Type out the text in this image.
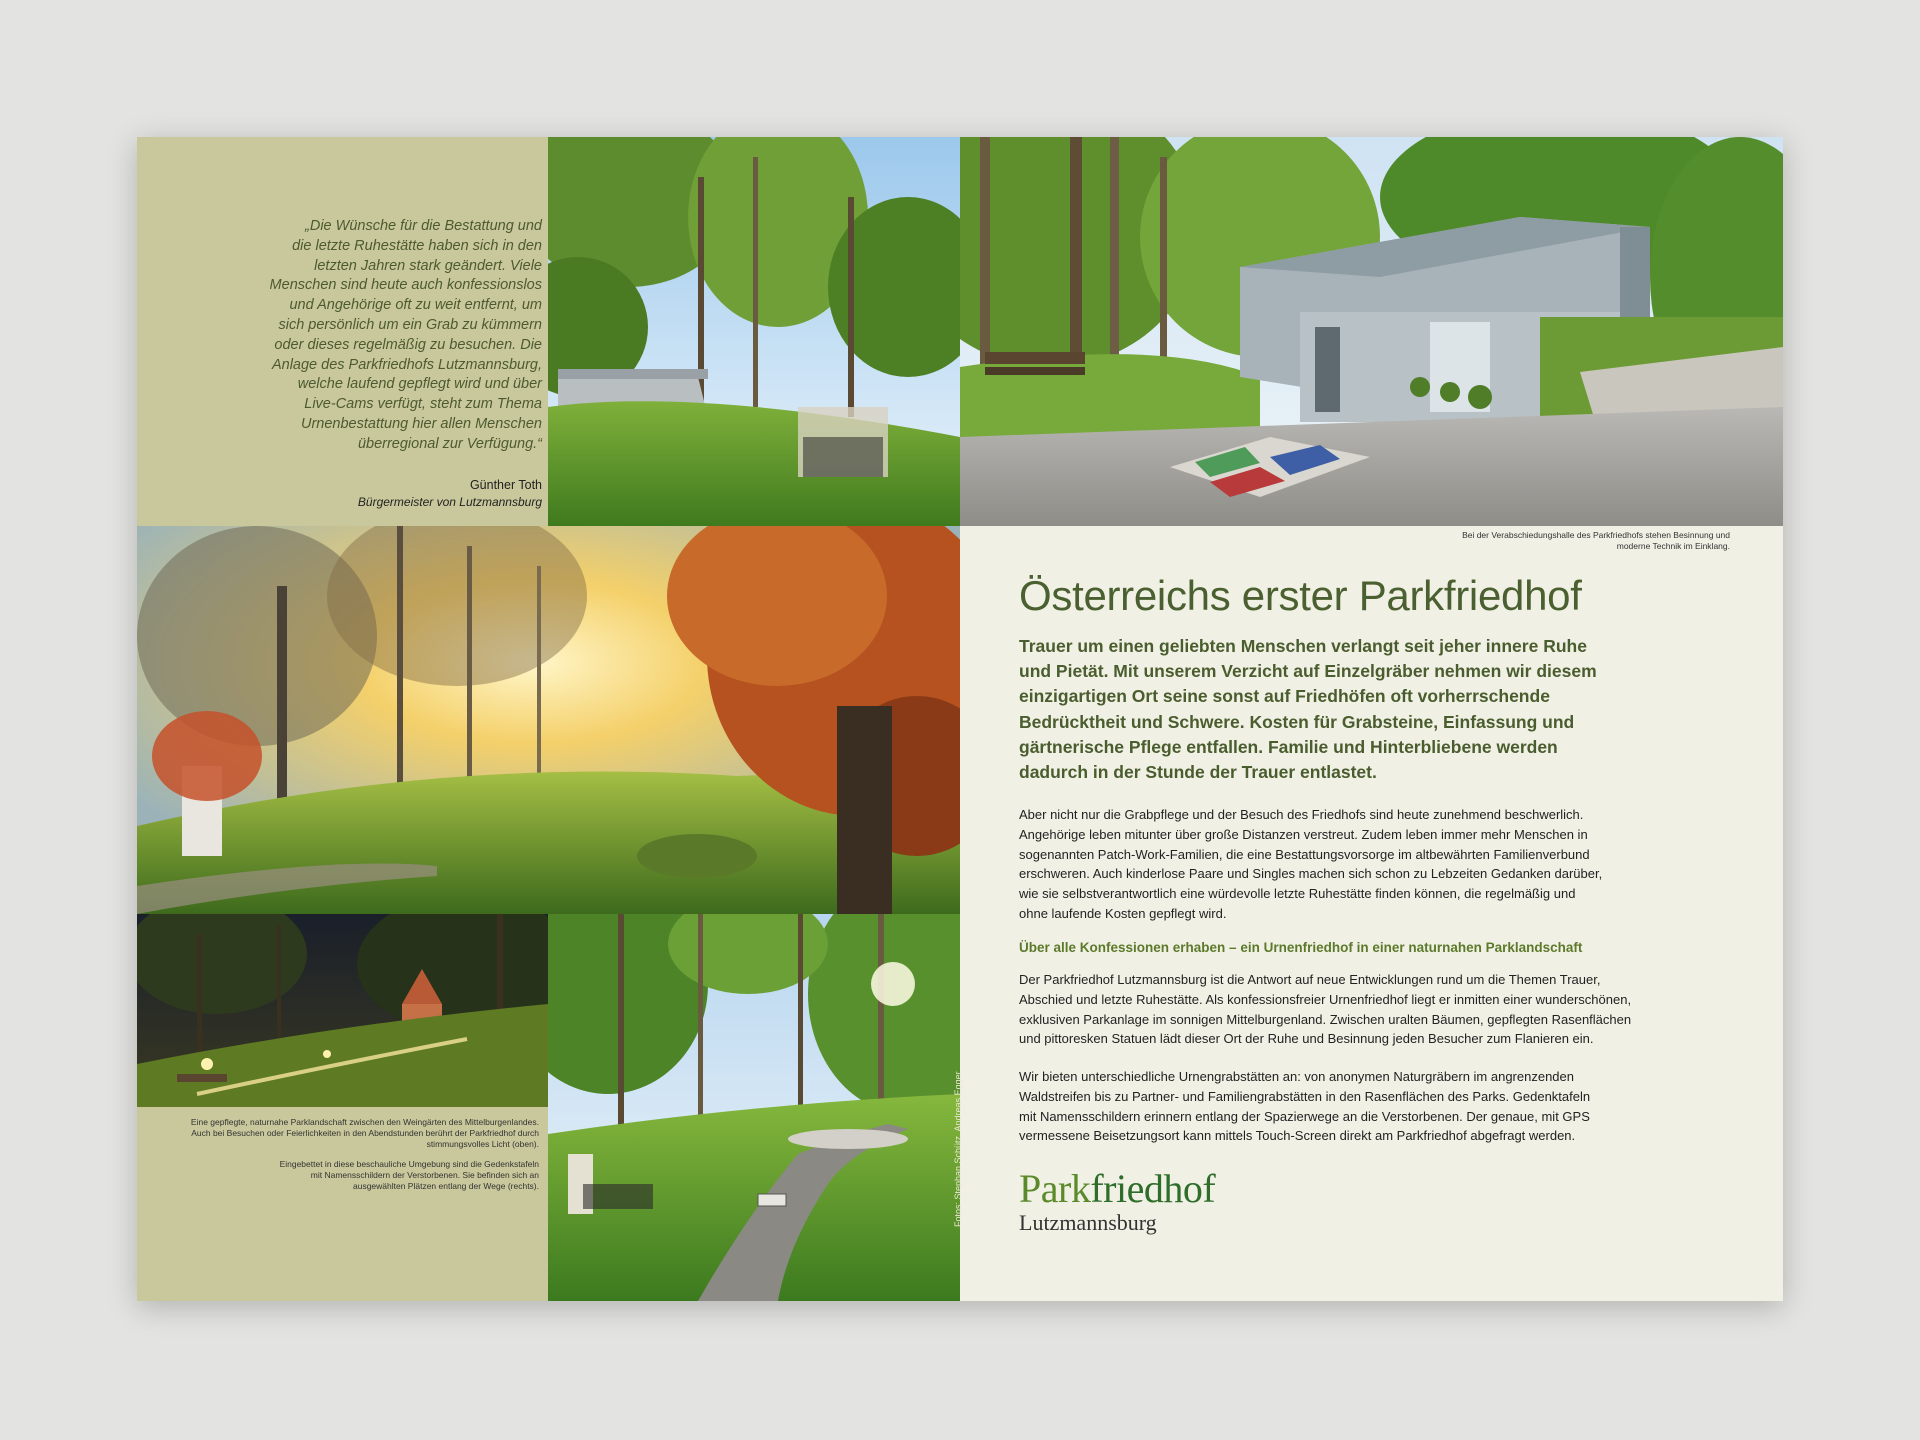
„Die Wünsche für die Bestattung und
die letzte Ruhestätte haben sich in den
letzten Jahren stark geändert. Viele
Menschen sind heute auch konfessionslos
und Angehörige oft zu weit entfernt, um
sich persönlich um ein Grab zu kümmern
oder dieses regelmäßig zu besuchen. Die
Anlage des Parkfriedhofs Lutzmannsburg,
welche laufend gepflegt wird und über
Live-Cams verfügt, steht zum Thema
Urnenbestattung hier allen Menschen
überregional zur Verfügung.“
Günther Toth
Bürgermeister von Lutzmannsburg
Bei der Verabschiedungshalle des Parkfriedhofs stehen Besinnung und
moderne Technik im Einklang.

Eine gepflegte, naturnahe Parklandschaft zwischen den Weingärten des Mittelburgenlandes.
Auch bei Besuchen oder Feierlichkeiten in den Abendstunden berührt der Parkfriedhof durch
stimmungsvolles Licht (oben).

Eingebettet in diese beschauliche Umgebung sind die Gedenkstafeln
mit Namensschildern der Verstorbenen. Sie befinden sich an
ausgewählten Plätzen entlang der Wege (rechts).	Fotos: Stephan Schütz, Andreas Egger
Österreichs erster Parkfriedhof
Trauer um einen geliebten Menschen verlangt seit jeher innere Ruhe
und Pietät. Mit unserem Verzicht auf Einzelgräber nehmen wir diesem
einzigartigen Ort seine sonst auf Friedhöfen oft vorherrschende
Bedrücktheit und Schwere. Kosten für Grabsteine, Einfassung und
gärtnerische Pflege entfallen. Familie und Hinterbliebene werden
dadurch in der Stunde der Trauer entlastet.
Aber nicht nur die Grabpflege und der Besuch des Friedhofs sind heute zunehmend beschwerlich.
Angehörige leben mitunter über große Distanzen verstreut. Zudem leben immer mehr Menschen in
sogenannten Patch-Work-Familien, die eine Bestattungsvorsorge im altbewährten Familienverbund
erschweren. Auch kinderlose Paare und Singles machen sich schon zu Lebzeiten Gedanken darüber,
wie sie selbstverantwortlich eine würdevolle letzte Ruhestätte finden können, die regelmäßig und
ohne laufende Kosten gepflegt wird.
Über alle Konfessionen erhaben – ein Urnenfriedhof in einer naturnahen Parklandschaft
Der Parkfriedhof Lutzmannsburg ist die Antwort auf neue Entwicklungen rund um die Themen Trauer,
Abschied und letzte Ruhestätte. Als konfessionsfreier Urnenfriedhof liegt er inmitten einer wunderschönen,
exklusiven Parkanlage im sonnigen Mittelburgenland. Zwischen uralten Bäumen, gepflegten Rasenflächen
und pittoresken Statuen lädt dieser Ort der Ruhe und Besinnung jeden Besucher zum Flanieren ein.
Wir bieten unterschiedliche Urnengrabstätten an: von anonymen Naturgräbern im angrenzenden
Waldstreifen bis zu Partner- und Familiengrabstätten in den Rasenflächen des Parks. Gedenktafeln
mit Namensschildern erinnern entlang der Spazierwege an die Verstorbenen. Der genaue, mit GPS
vermessene Beisetzungsort kann mittels Touch-Screen direkt am Parkfriedhof abgefragt werden.
Parkfriedhof
Lutzmannsburg
